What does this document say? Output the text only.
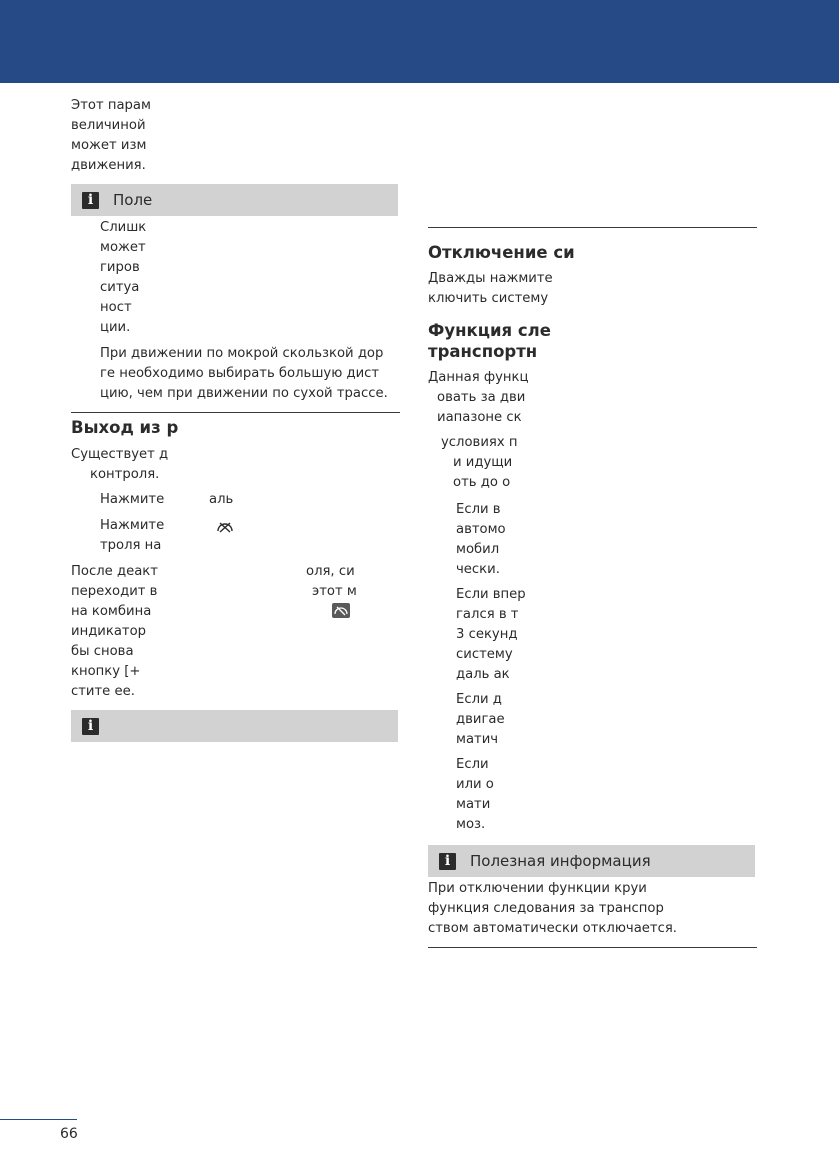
Этот парам

величиной

может изм

движения.

i	Поле

Слишк

может

гиров

ситуа

ност

ции.

При движении по мокрой скользкой дор

ге необходимо выбирать большую дист

цию, чем при движении по сухой трассе.

Выход из р

Существует д

контроля.

Нажмите	аль

Нажмите

троля на

После деакт

переходит в

на комбина

индикатор

бы снова

кнопку [+

стите ее.

оля, си

этот м

i

Отключение си

Дважды нажмите

ключить систему

Функция сле

транспортн

Данная функц

овать за дви

иапазоне ск

условиях п

и идущи

оть до о

Если в

автомо

мобил

чески.

Если впер

гался в т

3 секунд

систему

даль ак

Если д

двигае

матич

Если

или о

мати

моз.

i	Полезная информация

При отключении функции круи

функция следования за транспор

ством автоматически отключается.

66
